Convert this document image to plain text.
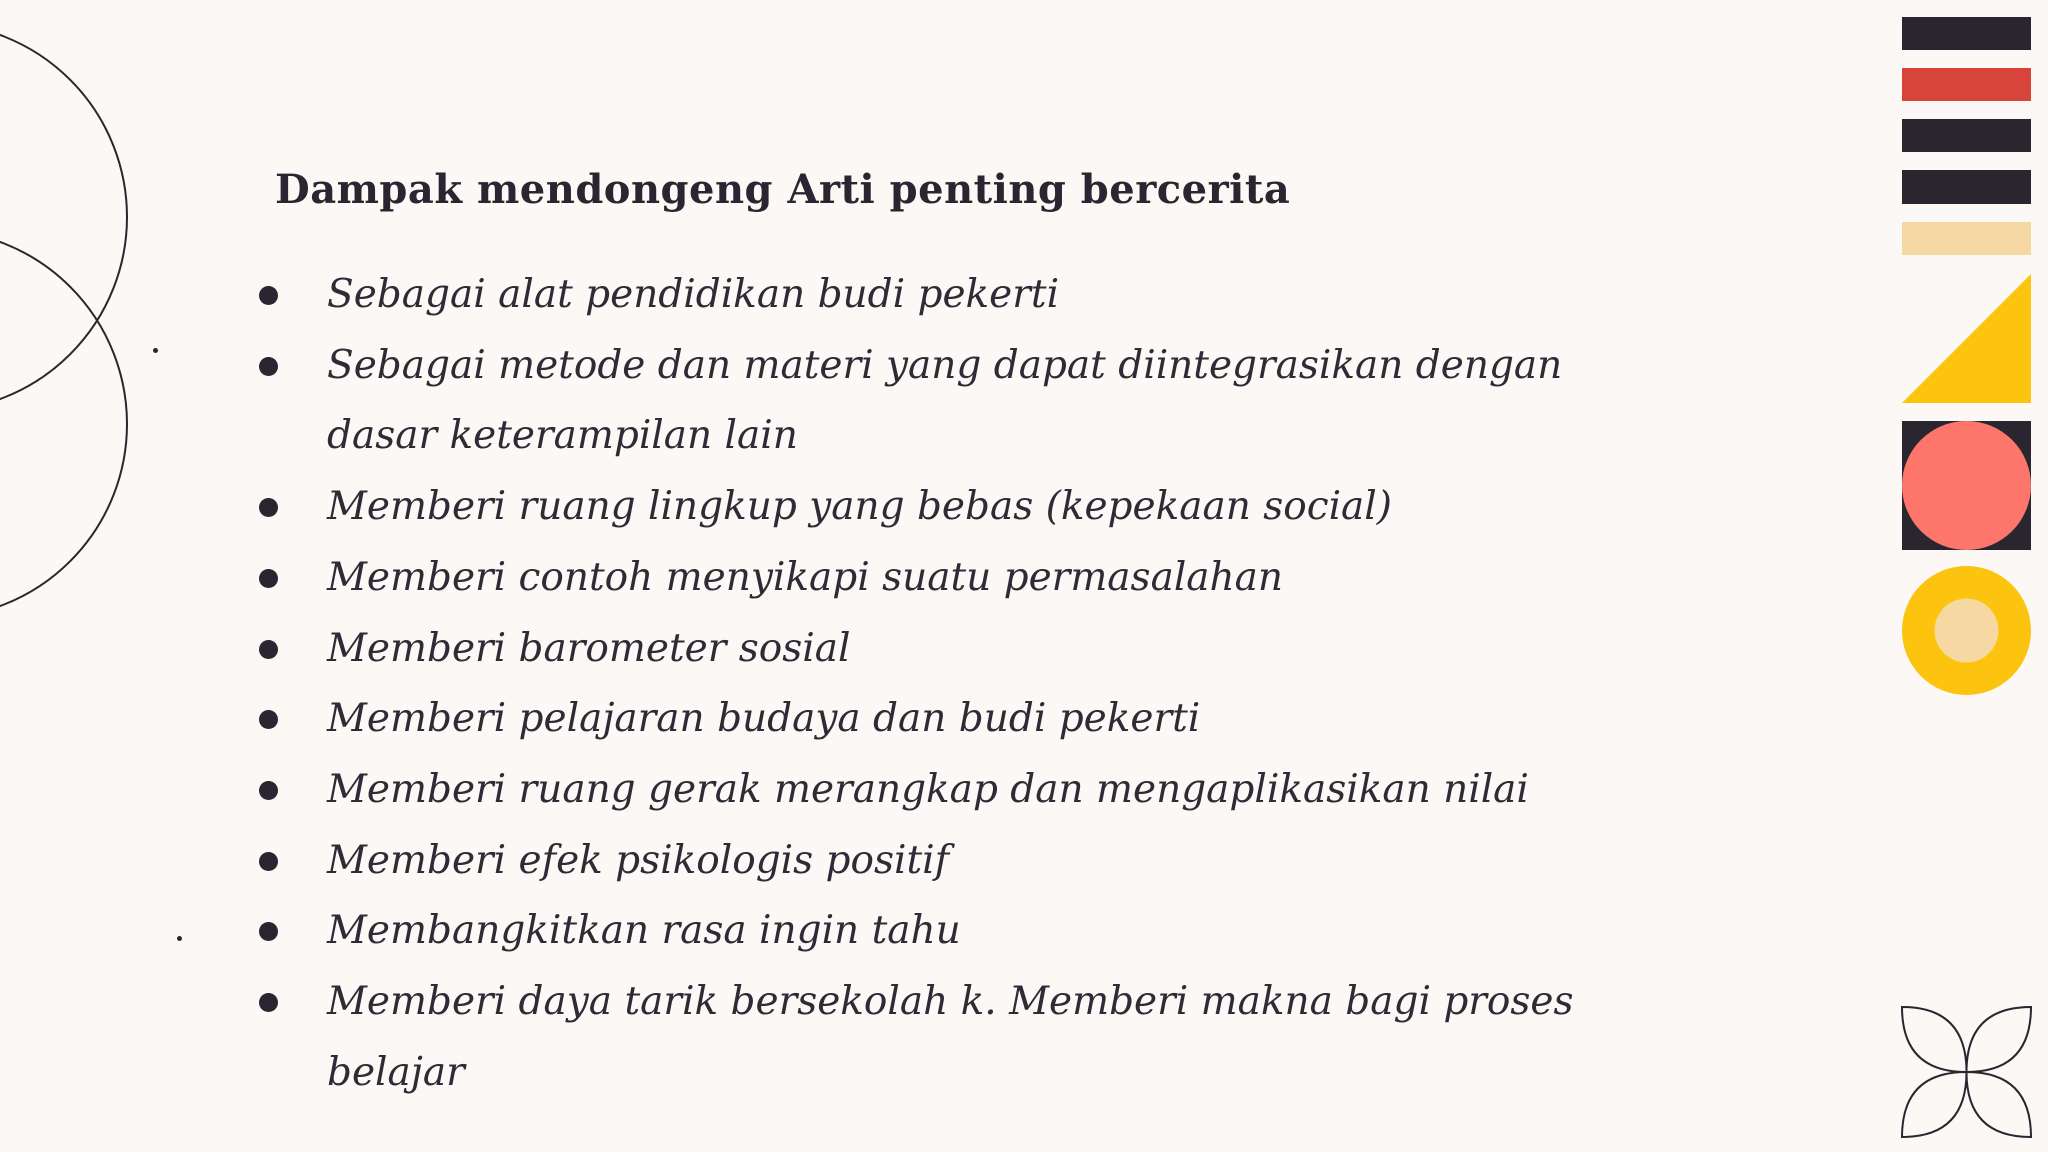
Dampak mendongeng Arti penting bercerita
Sebagai alat pendidikan budi pekerti
Sebagai metode dan materi yang dapat diintegrasikan dengan dasar keterampilan lain
Memberi ruang lingkup yang bebas (kepekaan social)
Memberi contoh menyikapi suatu permasalahan
Memberi barometer sosial
Memberi pelajaran budaya dan budi pekerti
Memberi ruang gerak merangkap dan mengaplikasikan nilai
Memberi efek psikologis positif
Membangkitkan rasa ingin tahu
Memberi daya tarik bersekolah k. Memberi makna bagi proses belajar
